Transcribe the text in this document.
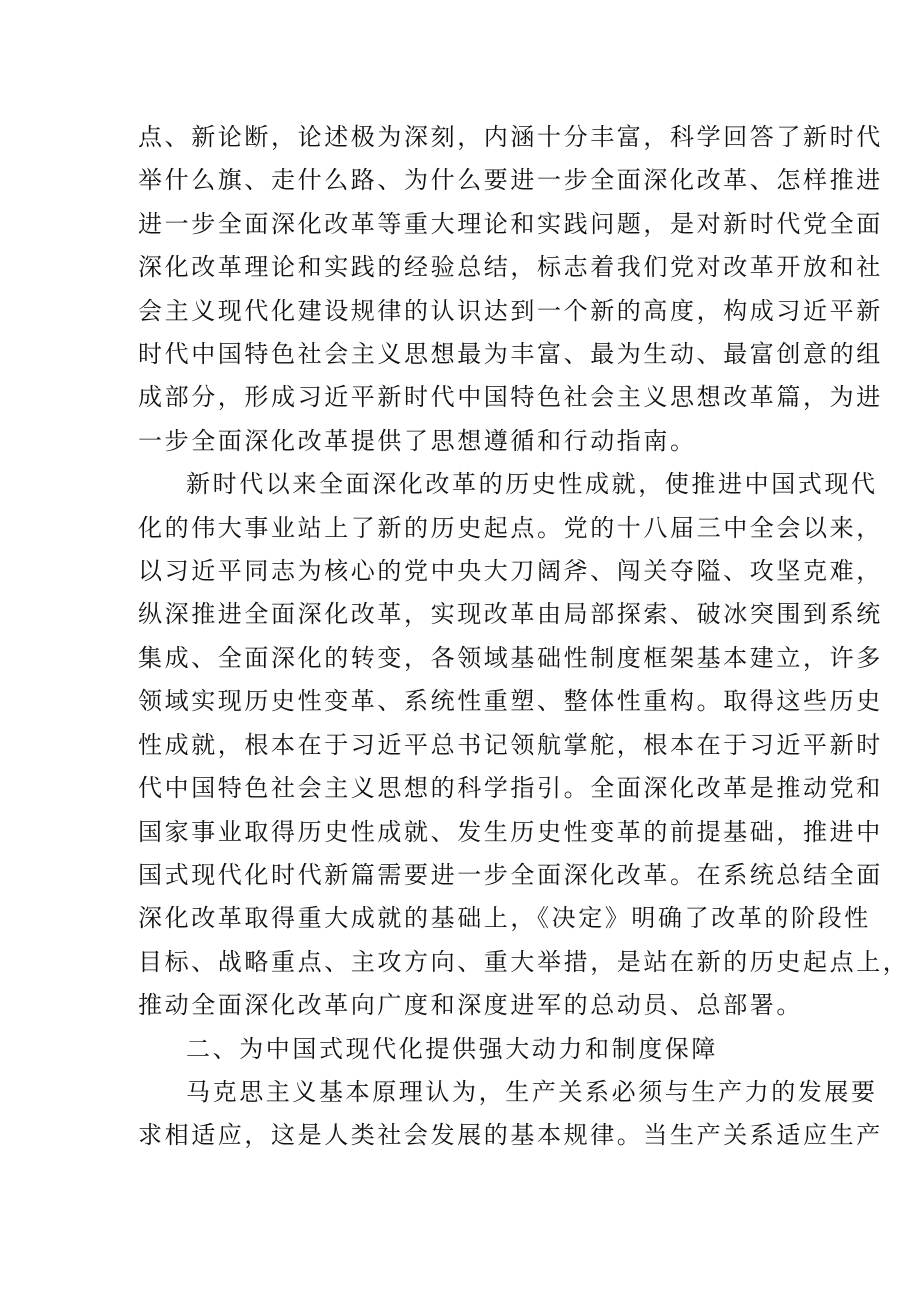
点、新论断，论述极为深刻，内涵十分丰富，科学回答了新时代
举什么旗、走什么路、为什么要进一步全面深化改革、怎样推进
进一步全面深化改革等重大理论和实践问题，是对新时代党全面
深化改革理论和实践的经验总结，标志着我们党对改革开放和社
会主义现代化建设规律的认识达到一个新的高度，构成习近平新
时代中国特色社会主义思想最为丰富、最为生动、最富创意的组
成部分，形成习近平新时代中国特色社会主义思想改革篇，为进
一步全面深化改革提供了思想遵循和行动指南。
新时代以来全面深化改革的历史性成就，使推进中国式现代
化的伟大事业站上了新的历史起点。党的十八届三中全会以来，
以习近平同志为核心的党中央大刀阔斧、闯关夺隘、攻坚克难，
纵深推进全面深化改革，实现改革由局部探索、破冰突围到系统
集成、全面深化的转变，各领域基础性制度框架基本建立，许多
领域实现历史性变革、系统性重塑、整体性重构。取得这些历史
性成就，根本在于习近平总书记领航掌舵，根本在于习近平新时
代中国特色社会主义思想的科学指引。全面深化改革是推动党和
国家事业取得历史性成就、发生历史性变革的前提基础，推进中
国式现代化时代新篇需要进一步全面深化改革。在系统总结全面
深化改革取得重大成就的基础上，《决定》明确了改革的阶段性
目标、战略重点、主攻方向、重大举措，是站在新的历史起点上，
推动全面深化改革向广度和深度进军的总动员、总部署。
二、为中国式现代化提供强大动力和制度保障
马克思主义基本原理认为，生产关系必须与生产力的发展要
求相适应，这是人类社会发展的基本规律。当生产关系适应生产
